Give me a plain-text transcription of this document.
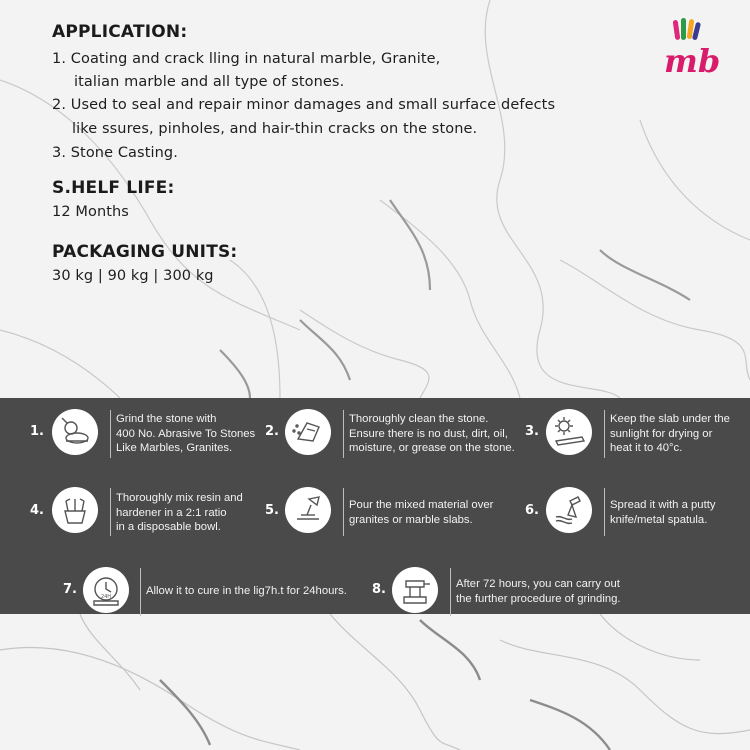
APPLICATION:
1. Coating and crack lling in natural marble, Granite,
italian marble and all type of stones.
2. Used to seal and repair minor damages and small surface defects
like ssures, pinholes, and hair-thin cracks on the stone.
3. Stone Casting.
S.HELF LIFE:
12 Months
PACKAGING UNITS:
30 kg | 90 kg | 300 kg
mb
1.
Grind the stone with
400 No. Abrasive To Stones
Like Marbles, Granites.
2.
Thoroughly clean the stone.
Ensure there is no dust, dirt, oil,
moisture, or grease on the stone.
3.
Keep the slab under the
sunlight for drying or
heat it to 40°c.
4.
Thoroughly mix resin and
hardener in a 2:1 ratio
in a disposable bowl.
5.	Pour the mixed material over
granites or marble slabs.
6.	Spread it with a putty
knife/metal spatula.
7.	24H	Allow it to cure in the lig7h.t for 24hours. 8.	After 72 hours, you can carry out
the further procedure of grinding.
